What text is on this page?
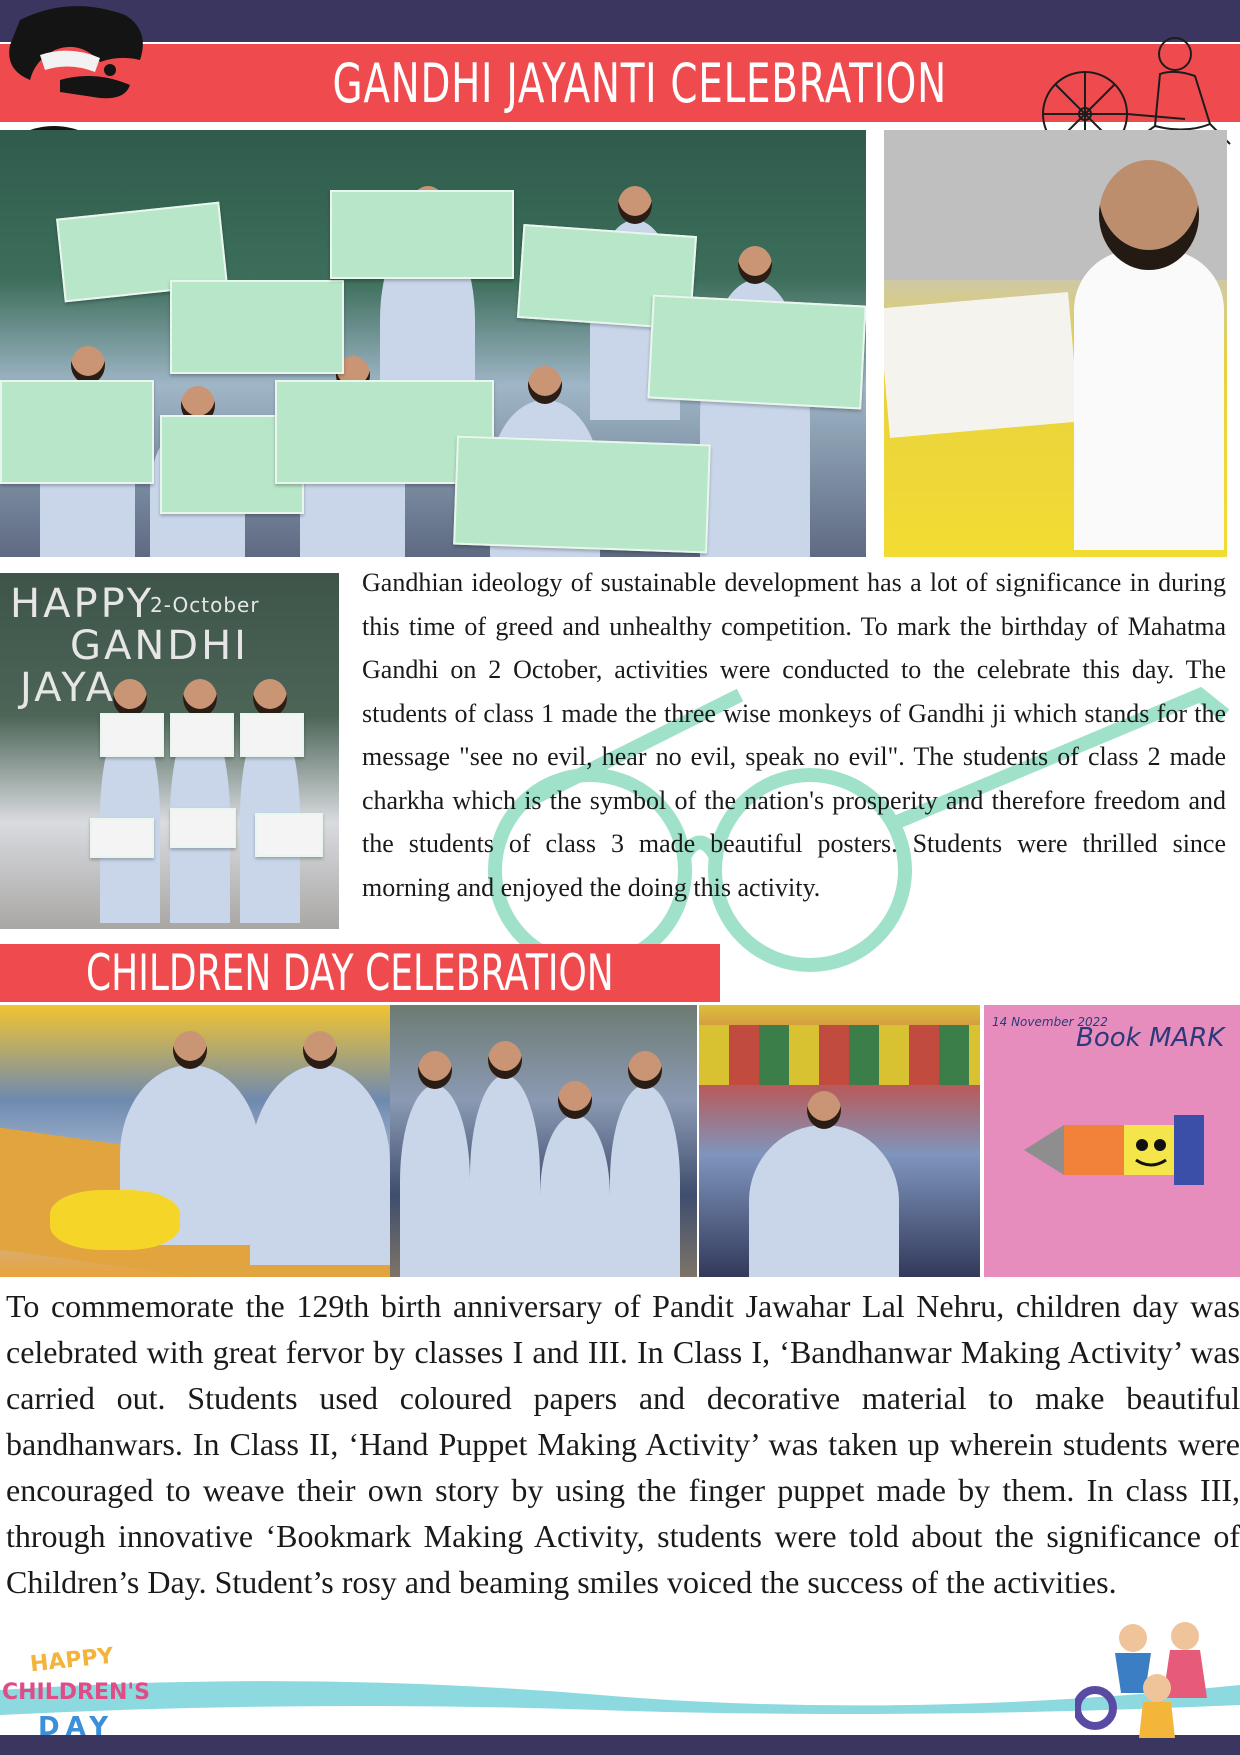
GANDHI JAYANTI CELEBRATION
HAPPY
GANDHI
JAYA
2-October

Gandhian ideology of sustainable development has a lot of significance in during this time of greed and unhealthy competition. To mark the birthday of Mahatma Gandhi on 2 October, activities were conducted to the celebrate this day. The students of class 1 made the three wise monkeys of Gandhi ji which stands for the message "see no evil, hear no evil, speak no evil". The students of class 2 made charkha which is the symbol of the nation's prosperity and therefore freedom and the students of class 3 made beautiful posters. Students were thrilled since morning and enjoyed the doing this activity.

CHILDREN DAY CELEBRATION
14 November 2022
Book MARK

To commemorate the 129th birth anniversary of Pandit Jawahar Lal Nehru, children day was celebrated with great fervor by classes I and III. In Class I, ‘Bandhanwar Making Activity’ was carried out. Students used coloured papers and decorative material to make beautiful bandhanwars. In Class II, ‘Hand Puppet Making Activity’ was taken up wherein students were encouraged to weave their own story by using the finger puppet made by them. In class III, through innovative ‘Bookmark Making Activity, students were told about the significance of Children’s Day. Student’s rosy and beaming smiles voiced the success of the activities.

HAPPY
CHILDREN'S
DAY
